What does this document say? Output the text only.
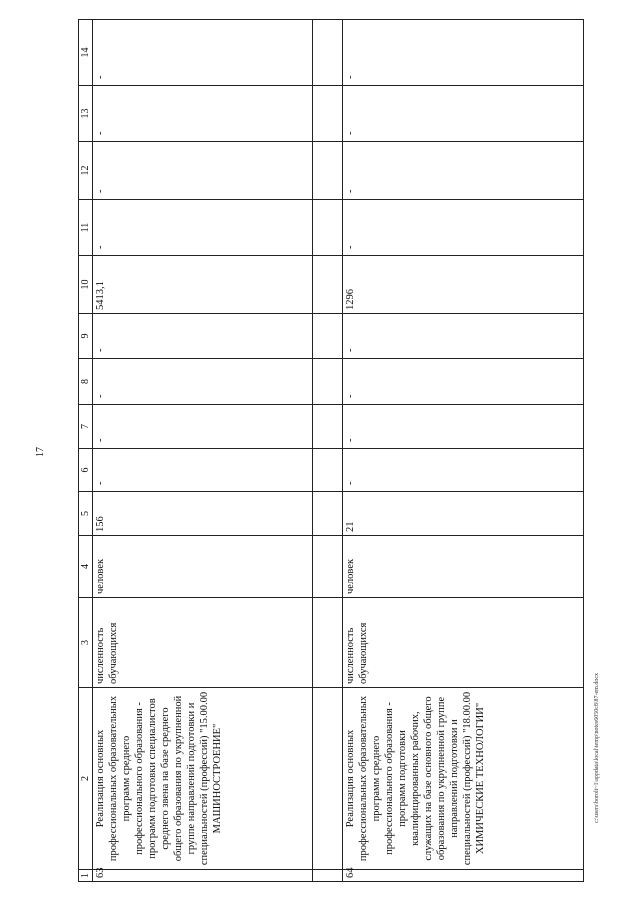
17
c:\users\boroli~1\appdata\local\temp\notes6050c8\87-em.docx
1	2	3	4	5	6	7	8	9	10	11	12	13	14
63	Реализация основных профессиональных образовательных программ среднего профессионального образования - программ подготовки специалистов среднего звена на базе среднего общего образования по укрупненной группе направлений подготовки и специальностей (профессий) "15.00.00 МАШИНОСТРОЕНИЕ"	численность обучающихся	человек	156	-	-	-	-	5413,1	-	-	-	-

64	Реализация основных профессиональных образовательных программ среднего профессионального образования - программ подготовки квалифицированных рабочих, служащих на базе основного общего образования по укрупненной группе направлений подготовки и специальностей (профессий) "18.00.00 ХИМИЧЕСКИЕ ТЕХНОЛОГИИ"	численность обучающихся	человек	21	-	-	-	-	1296	-	-	-	-
